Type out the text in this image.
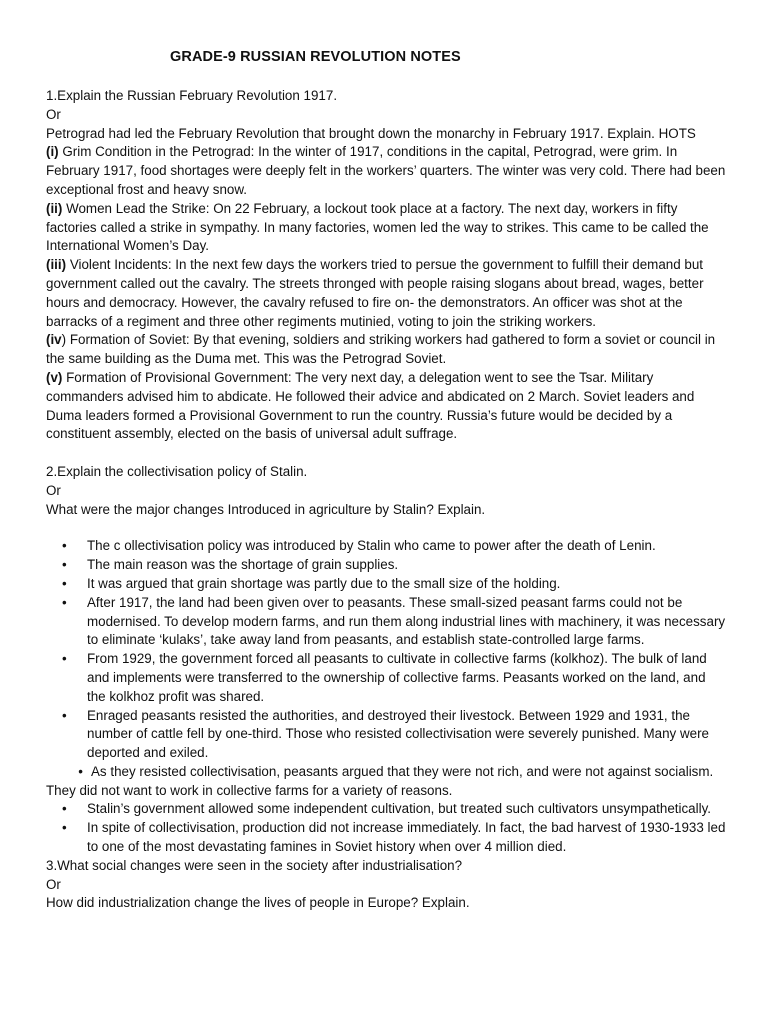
GRADE-9 RUSSIAN REVOLUTION NOTES

1.Explain the Russian February Revolution 1917.

Or

Petrograd had led the February Revolution that brought down the monarchy in February 1917. Explain. HOTS

(i) Grim Condition in the Petrograd: In the winter of 1917, conditions in the capital, Petrograd, were grim. In February 1917, food shortages were deeply felt in the workers’ quarters. The winter was very cold. There had been exceptional frost and heavy snow.

(ii) Women Lead the Strike: On 22 February, a lockout took place at a factory. The next day, workers in fifty factories called a strike in sympathy. In many factories, women led the way to strikes. This came to be called the International Women’s Day.

(iii) Violent Incidents: In the next few days the workers tried to persue the government to fulfill their demand but government called out the cavalry. The streets thronged with people raising slogans about bread, wages, better hours and democracy. However, the cavalry refused to fire on- the demonstrators. An officer was shot at the barracks of a regiment and three other regiments mutinied, voting to join the striking workers.

(iv) Formation of Soviet: By that evening, soldiers and striking workers had gathered to form a soviet or council in the same building as the Duma met. This was the Petrograd Soviet.

(v) Formation of Provisional Government: The very next day, a delegation went to see the Tsar. Military commanders advised him to abdicate. He followed their advice and abdicated on 2 March. Soviet leaders and Duma leaders formed a Provisional Government to run the country. Russia’s future would be decided by a constituent assembly, elected on the basis of universal adult suffrage.

2.Explain the collectivisation policy of Stalin.

Or

What were the major changes Introduced in agriculture by Stalin? Explain.

• The c ollectivisation policy was introduced by Stalin who came to power after the death of Lenin.
• The main reason was the shortage of grain supplies.
• It was argued that grain shortage was partly due to the small size of the holding.
• After 1917, the land had been given over to peasants. These small-sized peasant farms could not be modernised. To develop modern farms, and run them along industrial lines with machinery, it was necessary to eliminate ‘kulaks’, take away land from peasants, and establish state-controlled large farms.
• From 1929, the government forced all peasants to cultivate in collective farms (kolkhoz). The bulk of land and implements were transferred to the ownership of collective farms. Peasants worked on the land, and the kolkhoz profit was shared.
• Enraged peasants resisted the authorities, and destroyed their livestock. Between 1929 and 1931, the number of cattle fell by one-third. Those who resisted collectivisation were severely punished. Many were deported and exiled.
• As they resisted collectivisation, peasants argued that they were not rich, and were not against socialism. They did not want to work in collective farms for a variety of reasons.
• Stalin’s government allowed some independent cultivation, but treated such cultivators unsympathetically.
• In spite of collectivisation, production did not increase immediately. In fact, the bad harvest of 1930-1933 led to one of the most devastating famines in Soviet history when over 4 million died.

3.What social changes were seen in the society after industrialisation?

Or

How did industrialization change the lives of people in Europe? Explain.
